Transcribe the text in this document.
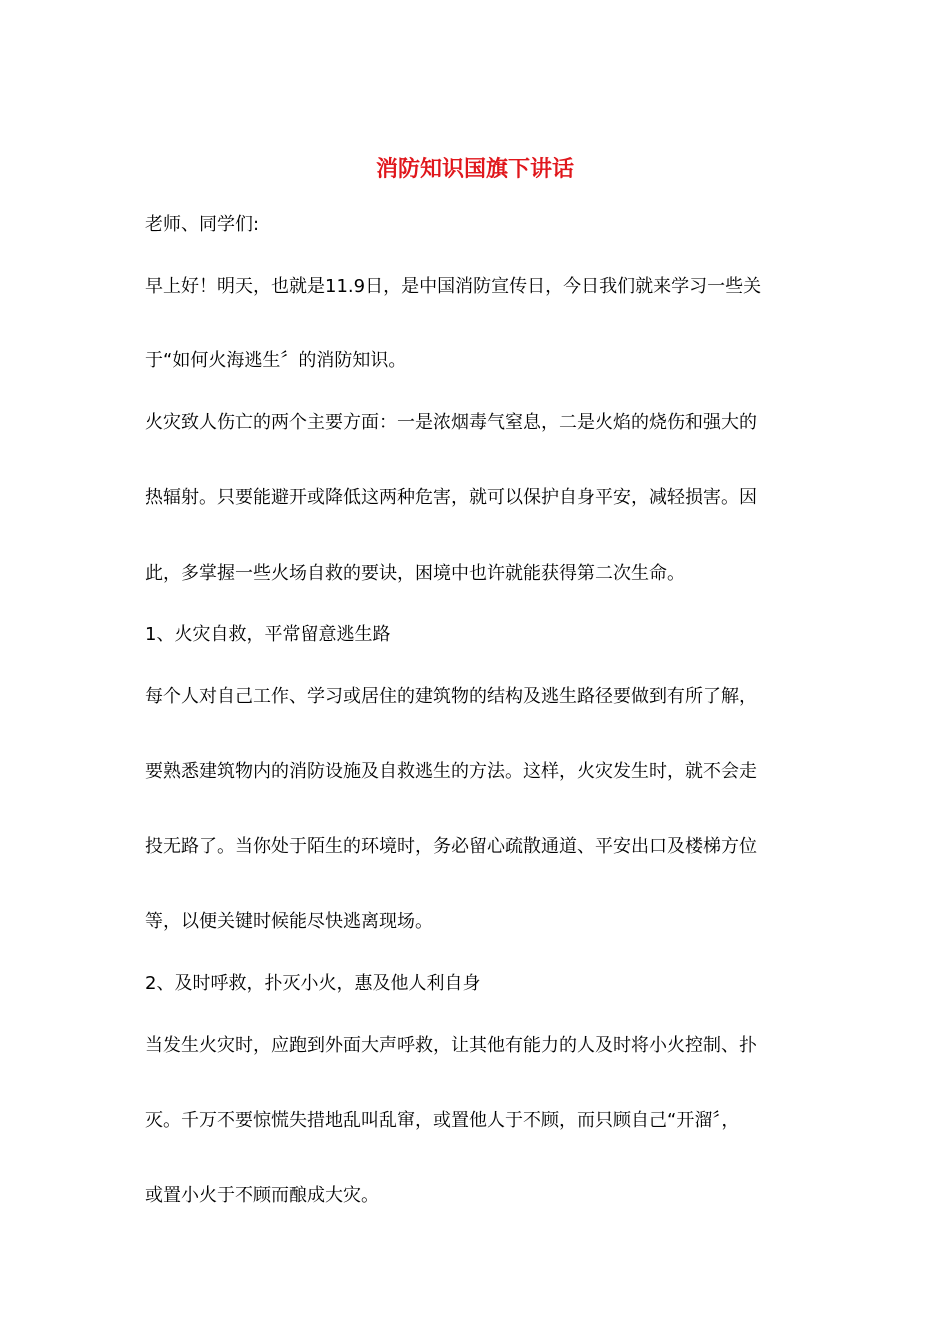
消防知识国旗下讲话
老师、同学们:
早上好！明天，也就是11.9日，是中国消防宣传日，今日我们就来学习一些关
于“如何火海逃生〞的消防知识。
火灾致人伤亡的两个主要方面：一是浓烟毒气窒息，二是火焰的烧伤和强大的
热辐射。只要能避开或降低这两种危害，就可以保护自身平安，减轻损害。因
此，多掌握一些火场自救的要诀，困境中也许就能获得第二次生命。
1、火灾自救，平常留意逃生路
每个人对自己工作、学习或居住的建筑物的结构及逃生路径要做到有所了解，
要熟悉建筑物内的消防设施及自救逃生的方法。这样，火灾发生时，就不会走
投无路了。当你处于陌生的环境时，务必留心疏散通道、平安出口及楼梯方位
等，以便关键时候能尽快逃离现场。
2、及时呼救，扑灭小火，惠及他人利自身
当发生火灾时，应跑到外面大声呼救，让其他有能力的人及时将小火控制、扑
灭。千万不要惊慌失措地乱叫乱窜，或置他人于不顾，而只顾自己“开溜〞，
或置小火于不顾而酿成大灾。
